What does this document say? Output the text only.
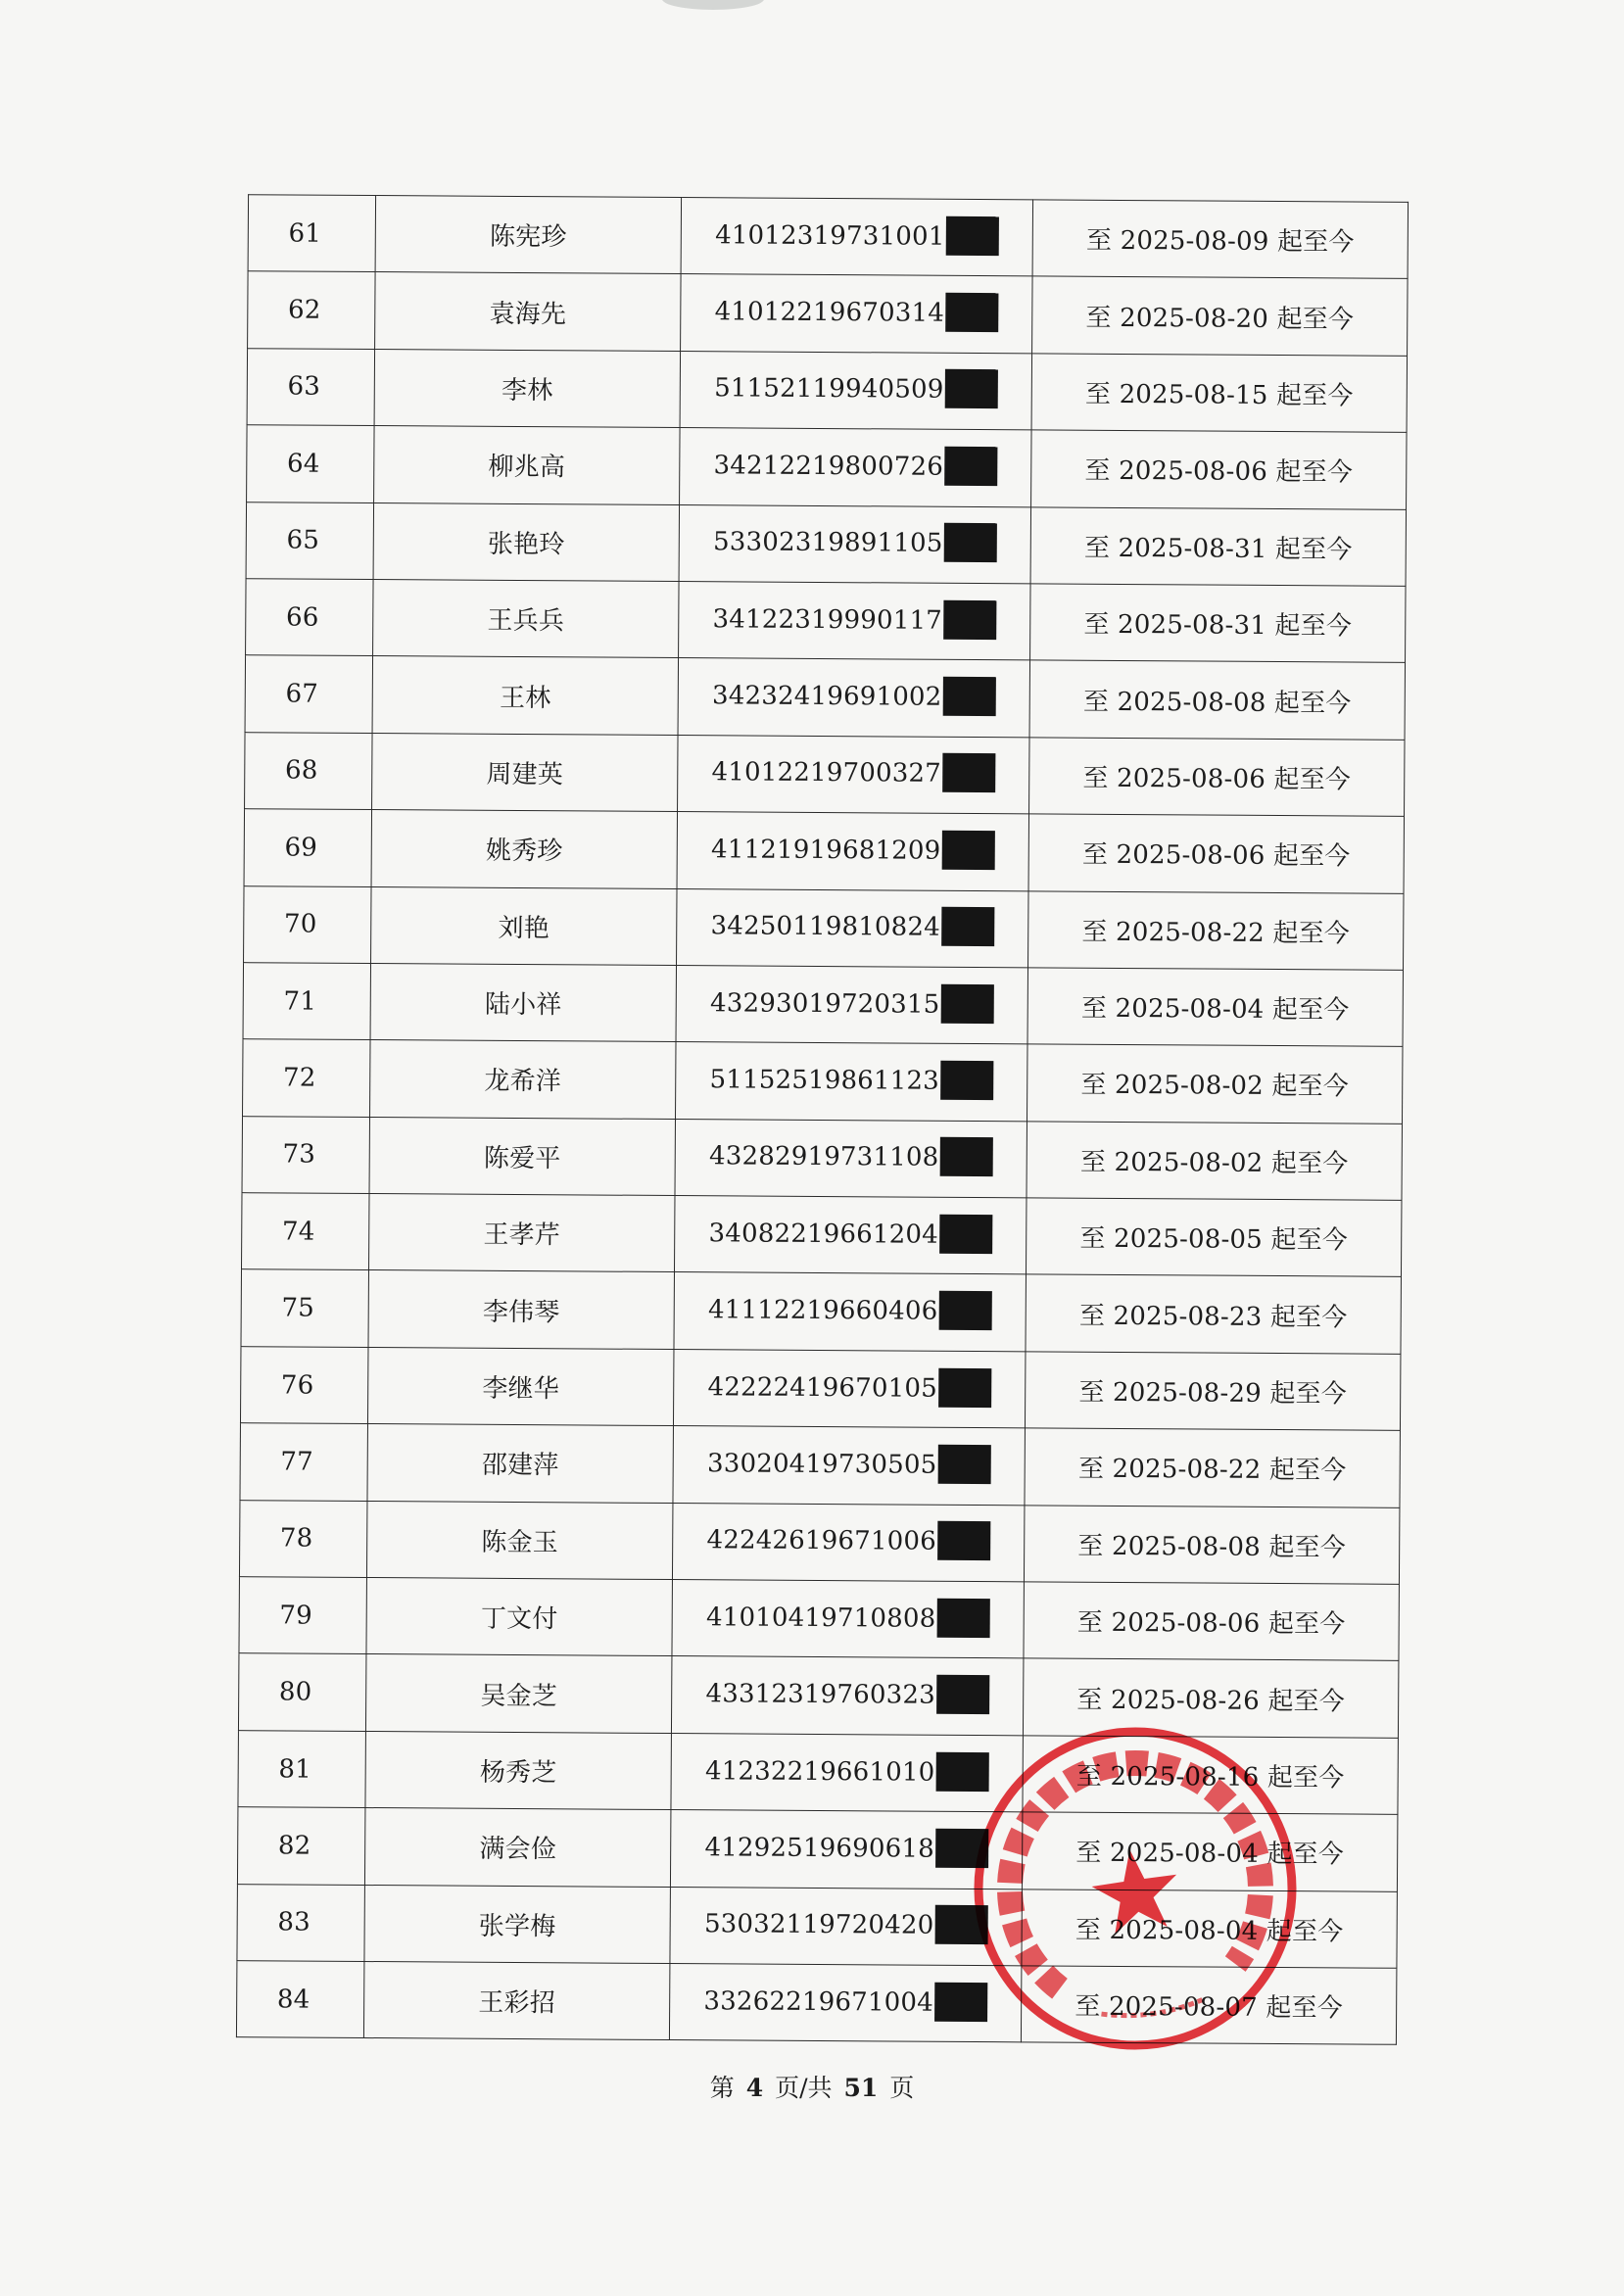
61	陈宪珍	41012319731001	至 2025-08-09 起至今
62	袁海先	41012219670314	至 2025-08-20 起至今
63	李林	51152119940509	至 2025-08-15 起至今
64	柳兆高	34212219800726	至 2025-08-06 起至今
65	张艳玲	53302319891105	至 2025-08-31 起至今
66	王兵兵	34122319990117	至 2025-08-31 起至今
67	王林	34232419691002	至 2025-08-08 起至今
68	周建英	41012219700327	至 2025-08-06 起至今
69	姚秀珍	41121919681209	至 2025-08-06 起至今
70	刘艳	34250119810824	至 2025-08-22 起至今
71	陆小祥	43293019720315	至 2025-08-04 起至今
72	龙希洋	51152519861123	至 2025-08-02 起至今
73	陈爱平	43282919731108	至 2025-08-02 起至今
74	王孝芹	34082219661204	至 2025-08-05 起至今
75	李伟琴	41112219660406	至 2025-08-23 起至今
76	李继华	42222419670105	至 2025-08-29 起至今
77	邵建萍	33020419730505	至 2025-08-22 起至今
78	陈金玉	42242619671006	至 2025-08-08 起至今
79	丁文付	41010419710808	至 2025-08-06 起至今
80	吴金芝	43312319760323	至 2025-08-26 起至今
81	杨秀芝	41232219661010	至 2025-08-16 起至今
82	满会俭	41292519690618	至 2025-08-04 起至今
83	张学梅	53032119720420	至 2025-08-04 起至今
84	王彩招	33262219671004	至 2025-08-07 起至今
第 4 页/共 51 页
